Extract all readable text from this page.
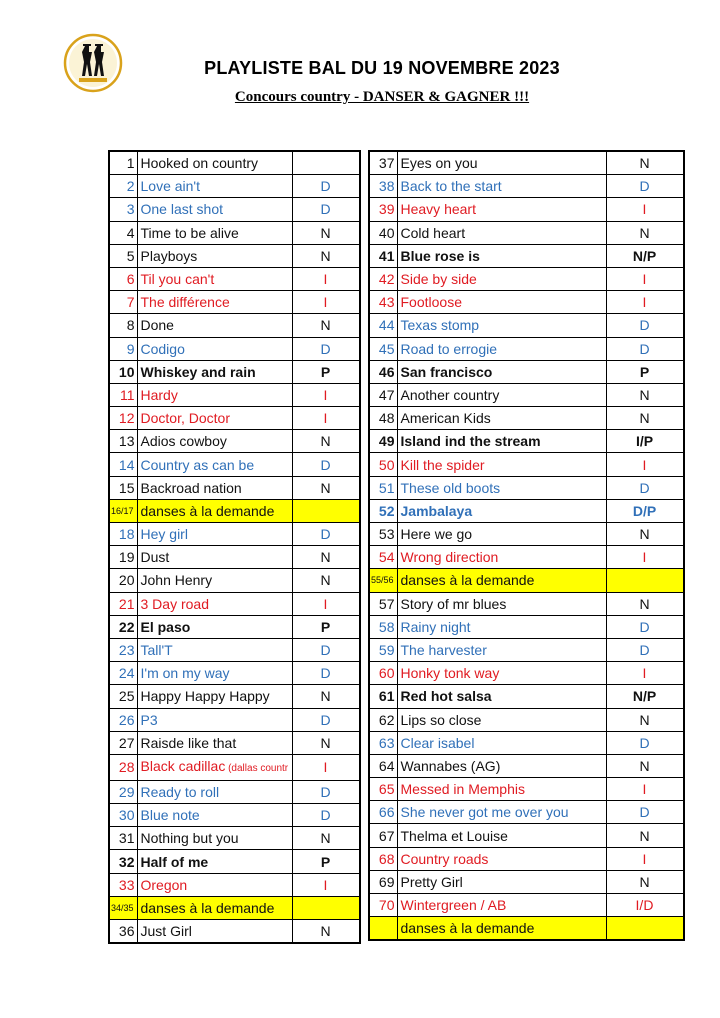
PLAYLISTE BAL DU 19 NOVEMBRE 2023
Concours country - DANSER & GAGNER !!!
1	Hooked on country	
2	Love ain't	D
3	One last shot	D
4	Time to be alive	N
5	Playboys	N
6	Til you can't	I
7	The différence	I
8	Done	N
9	Codigo	D
10	Whiskey and rain	P
11	Hardy	I
12	Doctor, Doctor	I
13	Adios cowboy	N
14	Country as can be	D
15	Backroad nation	N
16/17	danses à la demande	
18	Hey girl	D
19	Dust	N
20	John Henry	N
21	3 Day road	I
22	El paso	P
23	Tall'T	D
24	I'm on my way	D
25	Happy Happy Happy	N
26	P3	D
27	Raisde like that	N
28	Black cadillac (dallas countr	I
29	Ready to roll	D
30	Blue note	D
31	Nothing but you	N
32	Half of me	P
33	Oregon	I
34/35	danses à la demande	
36	Just Girl	N
37	Eyes on you	N
38	Back to the start	D
39	Heavy heart	I
40	Cold heart	N
41	Blue rose is	N/P
42	Side by side	I
43	Footloose	I
44	Texas stomp	D
45	Road to errogie	D
46	San francisco	P
47	Another country	N
48	American Kids	N
49	Island ind the stream	I/P
50	Kill the spider	I
51	These old boots	D
52	Jambalaya	D/P
53	Here we go	N
54	Wrong direction	I
55/56	danses à la demande	
57	Story of mr blues	N
58	Rainy night	D
59	The harvester	D
60	Honky tonk way	I
61	Red hot salsa	N/P
62	Lips so close	N
63	Clear isabel	D
64	Wannabes (AG)	N
65	Messed in Memphis	I
66	She never got me over you	D
67	Thelma et Louise	N
68	Country roads	I
69	Pretty Girl	N
70	Wintergreen / AB	I/D
	danses à la demande	
